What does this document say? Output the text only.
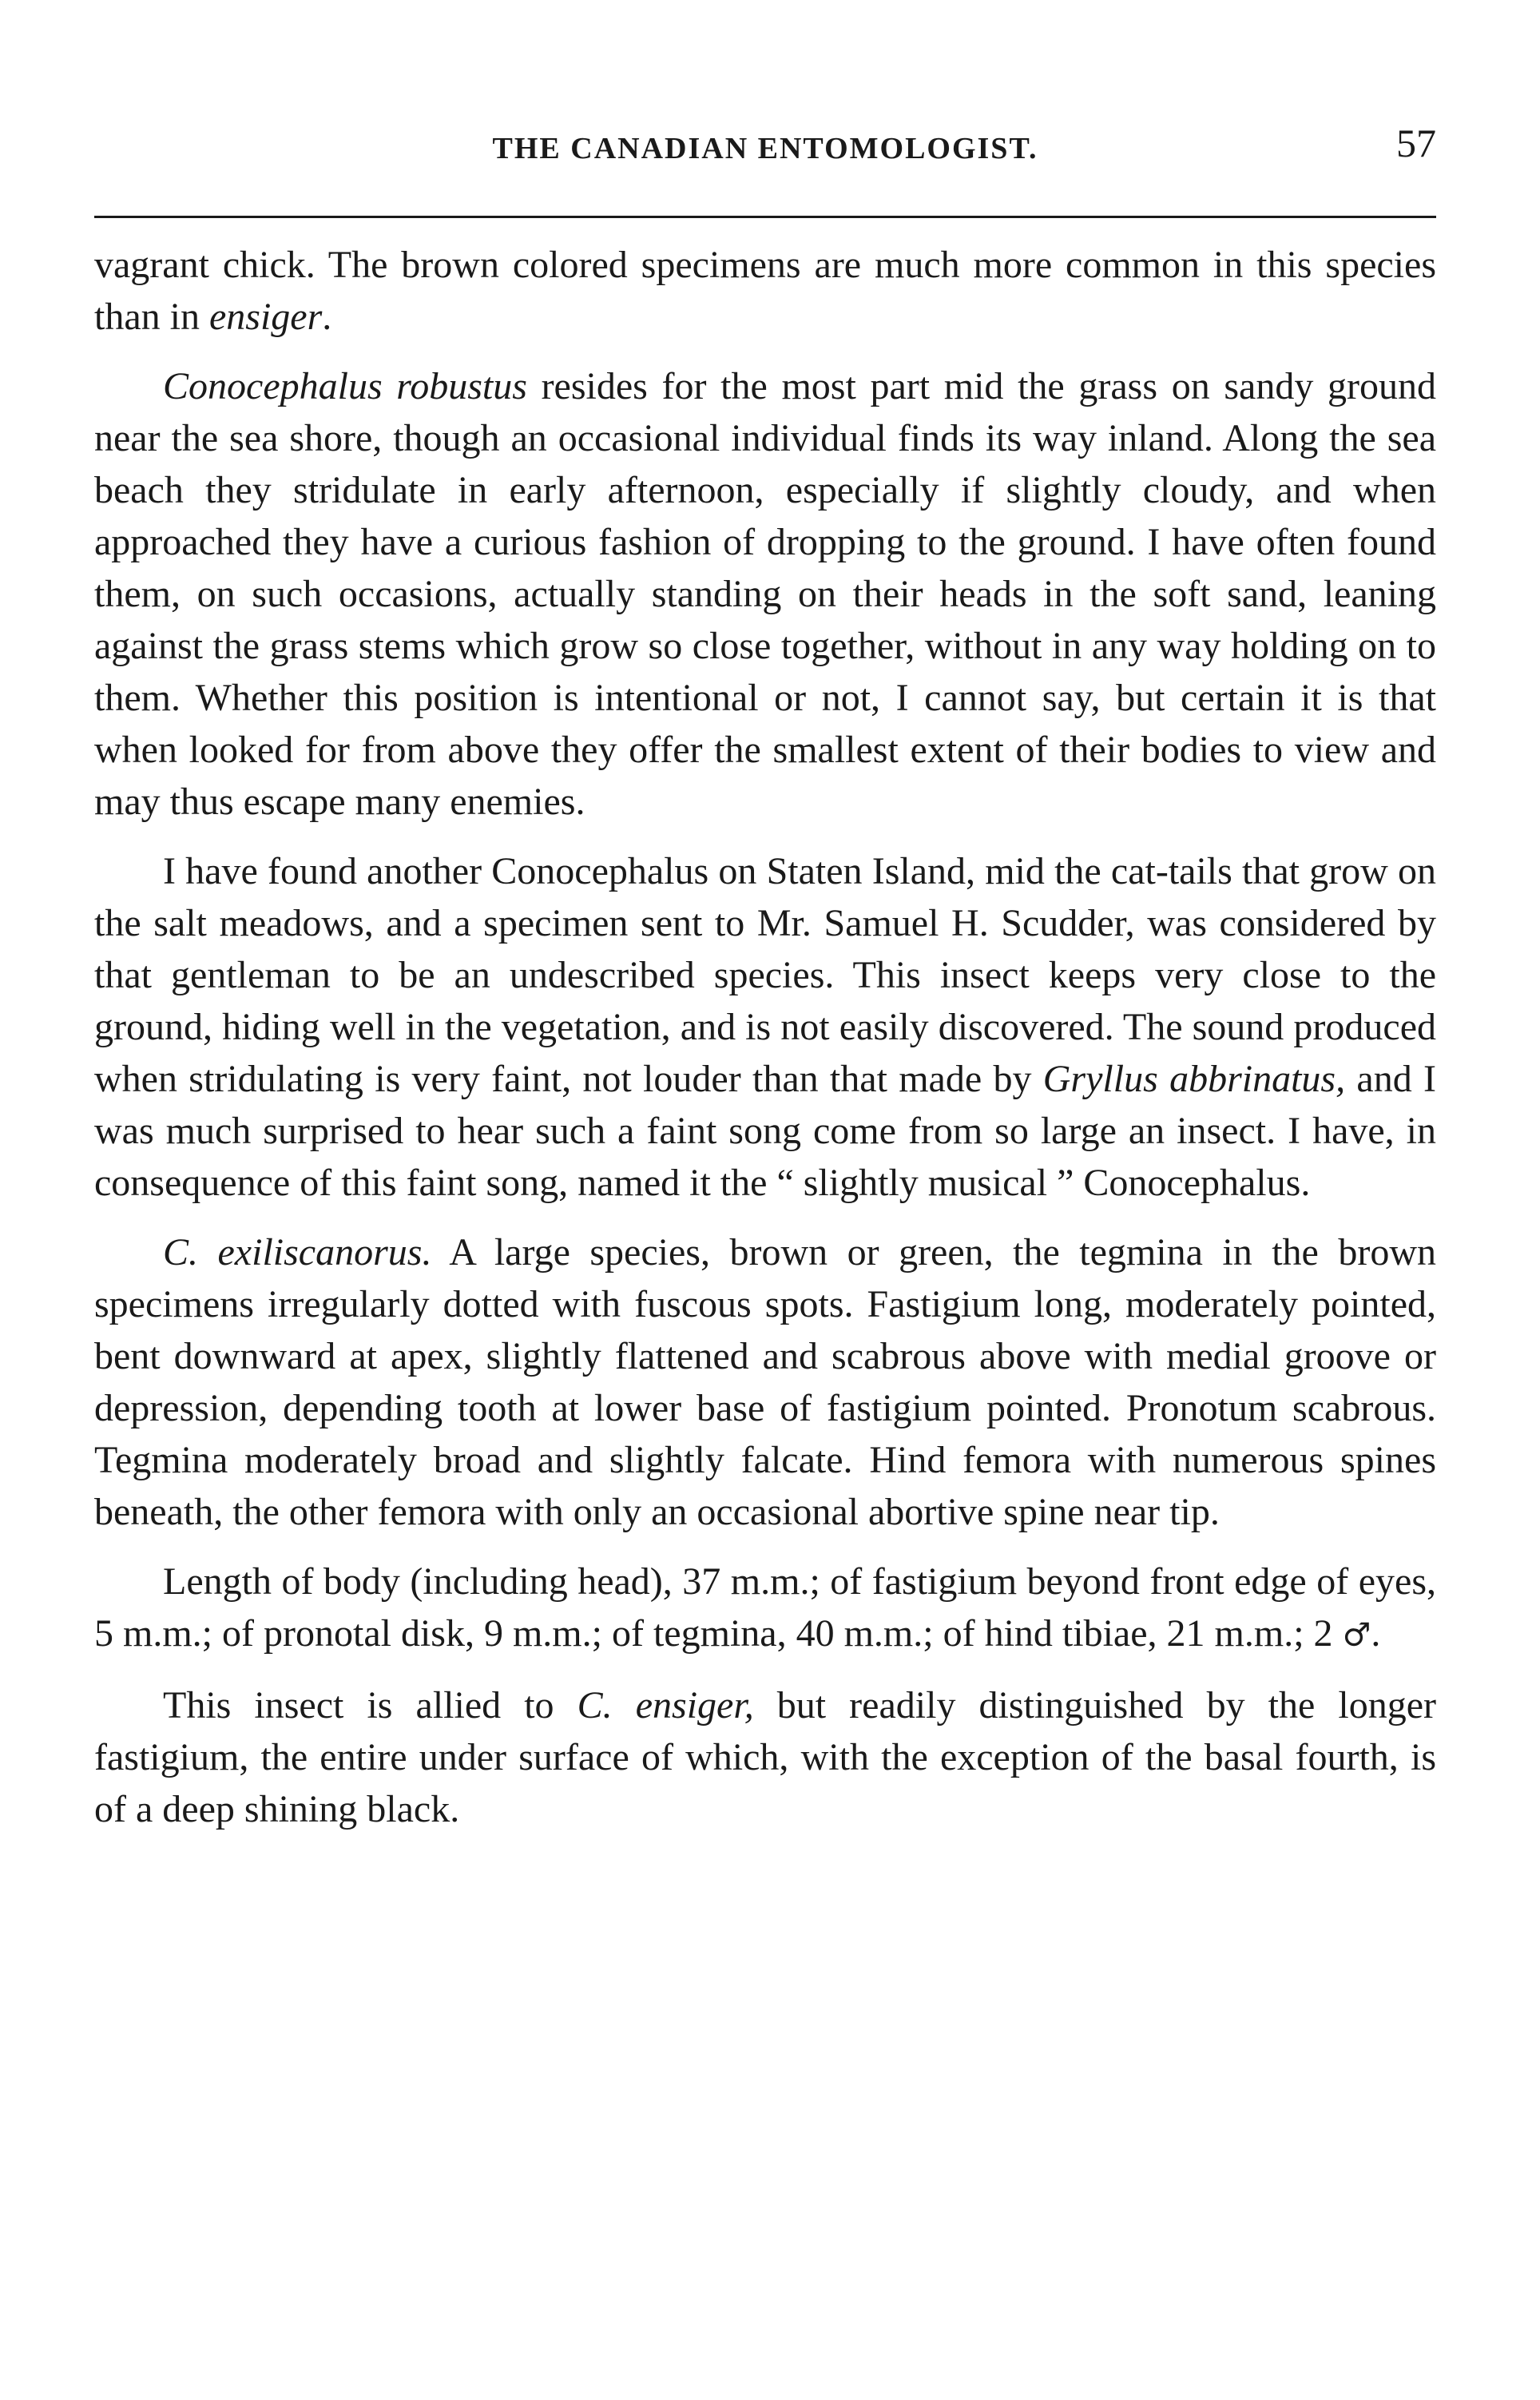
THE CANADIAN ENTOMOLOGIST.	57

vagrant chick. The brown colored specimens are much more common in this species than in ensiger.

Conocephalus robustus resides for the most part mid the grass on sandy ground near the sea shore, though an occasional individual finds its way inland. Along the sea beach they stridulate in early afternoon, especially if slightly cloudy, and when approached they have a curious fashion of dropping to the ground. I have often found them, on such occasions, actually standing on their heads in the soft sand, leaning against the grass stems which grow so close together, without in any way holding on to them. Whether this position is intentional or not, I cannot say, but certain it is that when looked for from above they offer the smallest extent of their bodies to view and may thus escape many enemies.

I have found another Conocephalus on Staten Island, mid the cat-tails that grow on the salt meadows, and a specimen sent to Mr. Samuel H. Scudder, was considered by that gentleman to be an undescribed species. This insect keeps very close to the ground, hiding well in the vegetation, and is not easily discovered. The sound produced when stridulating is very faint, not louder than that made by Gryllus abbrinatus, and I was much surprised to hear such a faint song come from so large an insect. I have, in consequence of this faint song, named it the “ slightly musical ” Conocephalus.

C. exiliscanorus. A large species, brown or green, the tegmina in the brown specimens irregularly dotted with fuscous spots. Fastigium long, moderately pointed, bent downward at apex, slightly flattened and scabrous above with medial groove or depression, depending tooth at lower base of fastigium pointed. Pronotum scabrous. Tegmina moderately broad and slightly falcate. Hind femora with numerous spines beneath, the other femora with only an occasional abortive spine near tip.

Length of body (including head), 37 m.m.; of fastigium beyond front edge of eyes, 5 m.m.; of pronotal disk, 9 m.m.; of tegmina, 40 m.m.; of hind tibiae, 21 m.m.; 2 ♂.

This insect is allied to C. ensiger, but readily distinguished by the longer fastigium, the entire under surface of which, with the exception of the basal fourth, is of a deep shining black.
